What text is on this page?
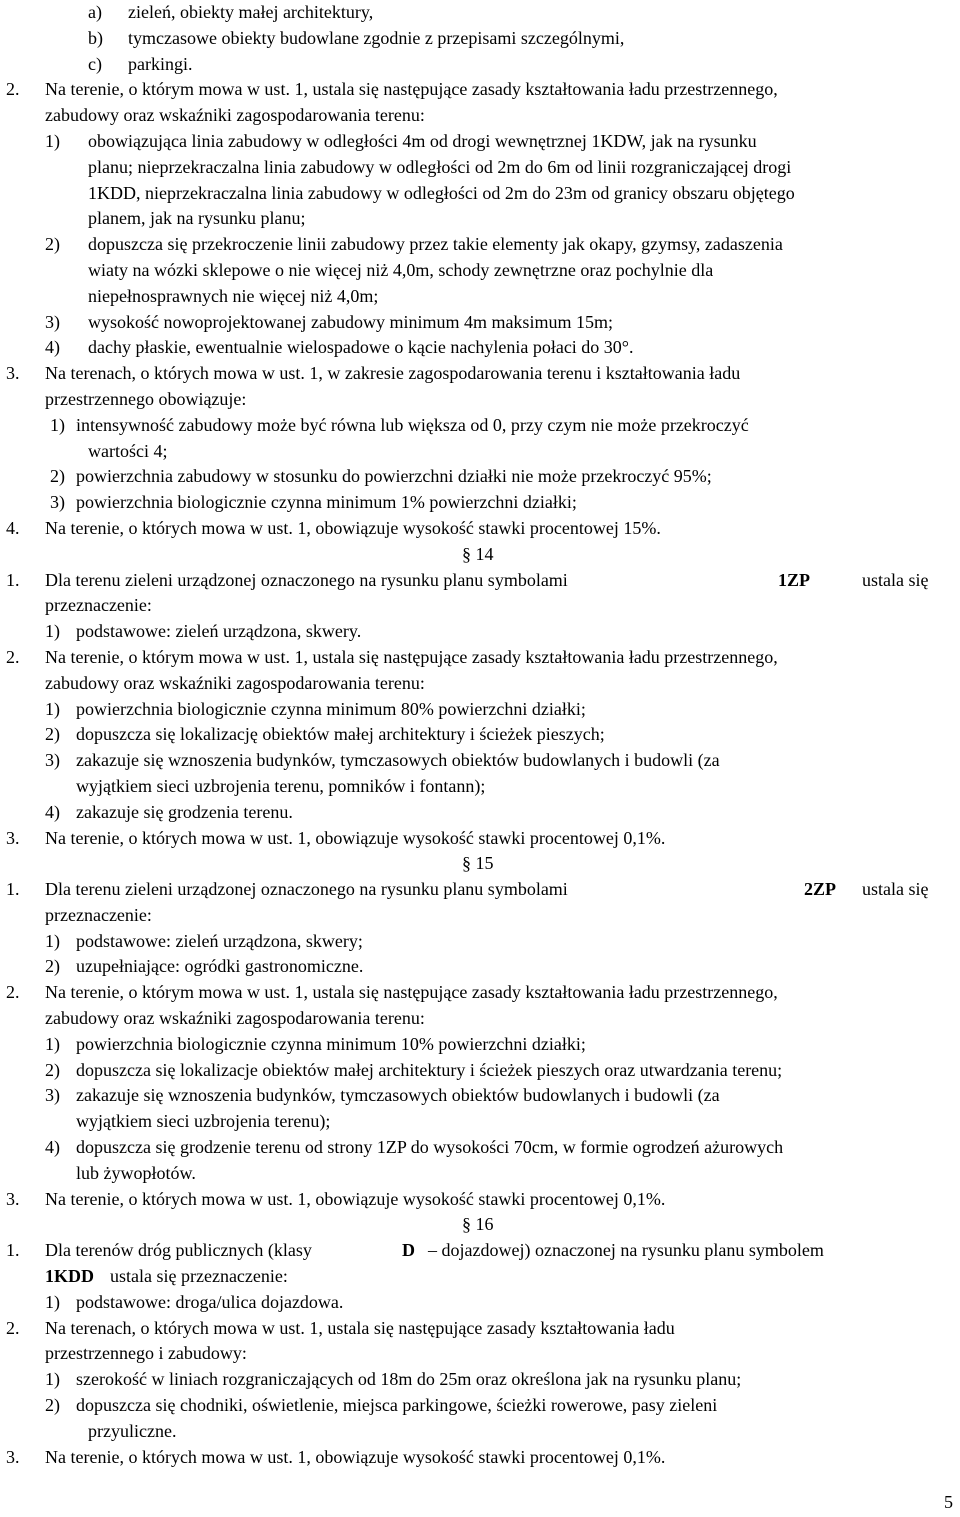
a) zieleń, obiekty małej architektury,
b) tymczasowe obiekty budowlane zgodnie z przepisami szczególnymi,
c) parkingi.
2. Na terenie, o którym mowa w ust. 1, ustala się następujące zasady kształtowania ładu przestrzennego,
zabudowy oraz wskaźniki zagospodarowania terenu:
1) obowiązująca linia zabudowy w odległości 4m od drogi wewnętrznej 1KDW, jak na rysunku
planu; nieprzekraczalna linia zabudowy w odległości od 2m do 6m od linii rozgraniczającej drogi
1KDD, nieprzekraczalna linia zabudowy w odległości od 2m do 23m od granicy obszaru objętego
planem, jak na rysunku planu;
2) dopuszcza się przekroczenie linii zabudowy przez takie elementy jak okapy, gzymsy, zadaszenia
wiaty na wózki sklepowe o nie więcej niż 4,0m, schody zewnętrzne oraz pochylnie dla
niepełnosprawnych nie więcej niż 4,0m;
3) wysokość nowoprojektowanej zabudowy minimum 4m maksimum 15m;
4) dachy płaskie, ewentualnie wielospadowe o kącie nachylenia połaci do 30°.
3. Na terenach, o których mowa w ust. 1, w zakresie zagospodarowania terenu i kształtowania ładu
przestrzennego obowiązuje:
1) intensywność zabudowy może być równa lub większa od 0, przy czym nie może przekroczyć
wartości 4;
2) powierzchnia zabudowy w stosunku do powierzchni działki nie może przekroczyć 95%;
3) powierzchnia biologicznie czynna minimum 1% powierzchni działki;
4. Na terenie, o których mowa w ust. 1, obowiązuje wysokość stawki procentowej 15%.
§ 14
1. Dla terenu zieleni urządzonej oznaczonego na rysunku planu symbolami	1ZP	ustala się
przeznaczenie:
1) podstawowe: zieleń urządzona, skwery.
2. Na terenie, o którym mowa w ust. 1, ustala się następujące zasady kształtowania ładu przestrzennego,
zabudowy oraz wskaźniki zagospodarowania terenu:
1) powierzchnia biologicznie czynna minimum 80% powierzchni działki;
2) dopuszcza się lokalizację obiektów małej architektury i ścieżek pieszych;
3) zakazuje się wznoszenia budynków, tymczasowych obiektów budowlanych i budowli (za
wyjątkiem sieci uzbrojenia terenu, pomników i fontann);
4) zakazuje się grodzenia terenu.
3. Na terenie, o których mowa w ust. 1, obowiązuje wysokość stawki procentowej 0,1%.
§ 15
1. Dla terenu zieleni urządzonej oznaczonego na rysunku planu symbolami	2ZP ustala się
przeznaczenie:
1) podstawowe: zieleń urządzona, skwery;
2) uzupełniające: ogródki gastronomiczne.
2. Na terenie, o którym mowa w ust. 1, ustala się następujące zasady kształtowania ładu przestrzennego,
zabudowy oraz wskaźniki zagospodarowania terenu:
1) powierzchnia biologicznie czynna minimum 10% powierzchni działki;
2) dopuszcza się lokalizacje obiektów małej architektury i ścieżek pieszych oraz utwardzania terenu;
3) zakazuje się wznoszenia budynków, tymczasowych obiektów budowlanych i budowli (za
wyjątkiem sieci uzbrojenia terenu);
4) dopuszcza się grodzenie terenu od strony 1ZP do wysokości 70cm, w formie ogrodzeń ażurowych
lub żywopłotów.
3. Na terenie, o których mowa w ust. 1, obowiązuje wysokość stawki procentowej 0,1%.
§ 16
1. Dla terenów dróg publicznych (klasy	D – dojazdowej) oznaczonej na rysunku planu symbolem
1KDD ustala się przeznaczenie:
1) podstawowe: droga/ulica dojazdowa.
2. Na terenach, o których mowa w ust. 1, ustala się następujące zasady kształtowania ładu
przestrzennego i zabudowy:
1) szerokość w liniach rozgraniczających od 18m do 25m oraz określona jak na rysunku planu;
2) dopuszcza się chodniki, oświetlenie, miejsca parkingowe, ścieżki rowerowe, pasy zieleni
przyuliczne.
3. Na terenie, o których mowa w ust. 1, obowiązuje wysokość stawki procentowej 0,1%.
5
